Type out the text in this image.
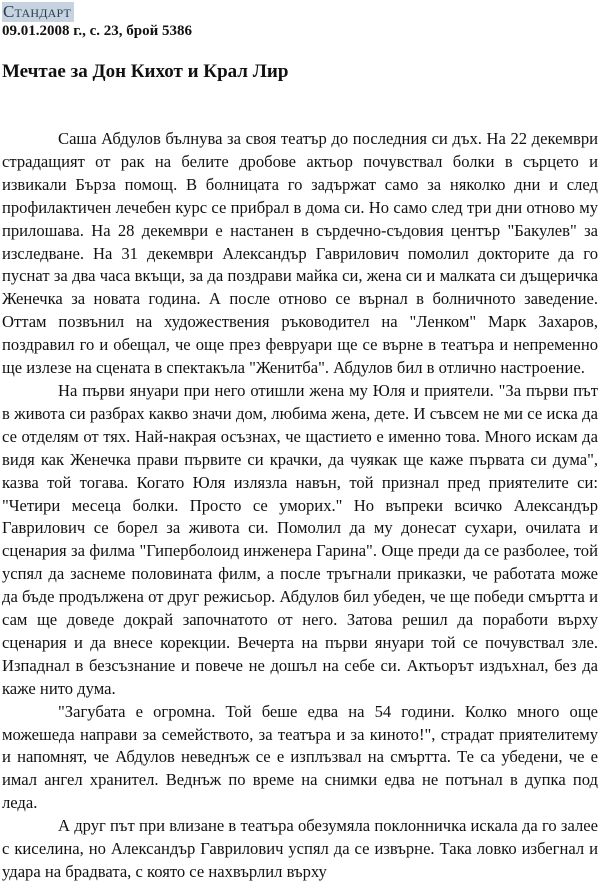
Стандарт
09.01.2008 г., с. 23, брой 5386
Мечтае за Дон Кихот и Крал Лир

Саша Абдулов бълнува за своя театър до последния си дъх. На 22 декември страдащият от рак на белите дробове актьор почувствал болки в сърцето и извикали Бърза помощ. В болницата го задържат само за няколко дни и след профилактичен лечебен курс се прибрал в дома си. Но само след три дни отново му прилошава. На 28 декември е настанен в сърдечно-съдовия център "Бакулев" за изследване. На 31 декември Александър Гаврилович помолил докторите да го пуснат за два часа вкъщи, за да поздрави майка си, жена си и малката си дъщеричка Женечка за новата година. А после отново се върнал в болничното заведение. Оттам позвънил на художествения ръководител на "Ленком" Марк Захаров, поздравил го и обещал, че още през февруари ще се върне в театъра и непременно ще излезе на сцената в спектакъла "Женитба". Абдулов бил в отлично настроение.

На първи януари при него отишли жена му Юля и приятели. "За първи път в живота си разбрах какво значи дом, любима жена, дете. И съвсем не ми се иска да се отделям от тях. Най-накрая осъзнах, че щастието е именно това. Много искам да видя как Женечка прави първите си крачки, да чуякак ще каже първата си дума", казва той тогава. Когато Юля излязла навън, той признал пред приятелите си: "Четири месеца болки. Просто се уморих." Но въпреки всичко Александър Гаврилович се борел за живота си. Помолил да му донесат сухари, очилата и сценария за филма "Гиперболоид инженера Гарина". Още преди да се разболее, той успял да заснеме половината филм, а после тръгнали приказки, че работата може да бъде продължена от друг режисьор. Абдулов бил убеден, че ще победи смъртта и сам ще доведе докрай започнатото от него. Затова решил да поработи върху сценария и да внесе корекции. Вечерта на първи януари той се почувствал зле. Изпаднал в безсъзнание и повече не дошъл на себе си. Актьорът издъхнал, без да каже нито дума.

"Загубата е огромна. Той беше едва на 54 години. Колко много още можешеда направи за семейството, за театъра и за киното!", страдат приятелитему и напомнят, че Абдулов неведнъж се е изплъзвал на смъртта. Те са убедени, че е имал ангел хранител. Веднъж по време на снимки едва не потънал в дупка под леда.

А друг път при влизане в театъра обезумяла поклонничка искала да го залее с киселина, но Александър Гаврилович успял да се извърне. Така ловко избегнал и удара на брадвата, с която се нахвърлил върху
